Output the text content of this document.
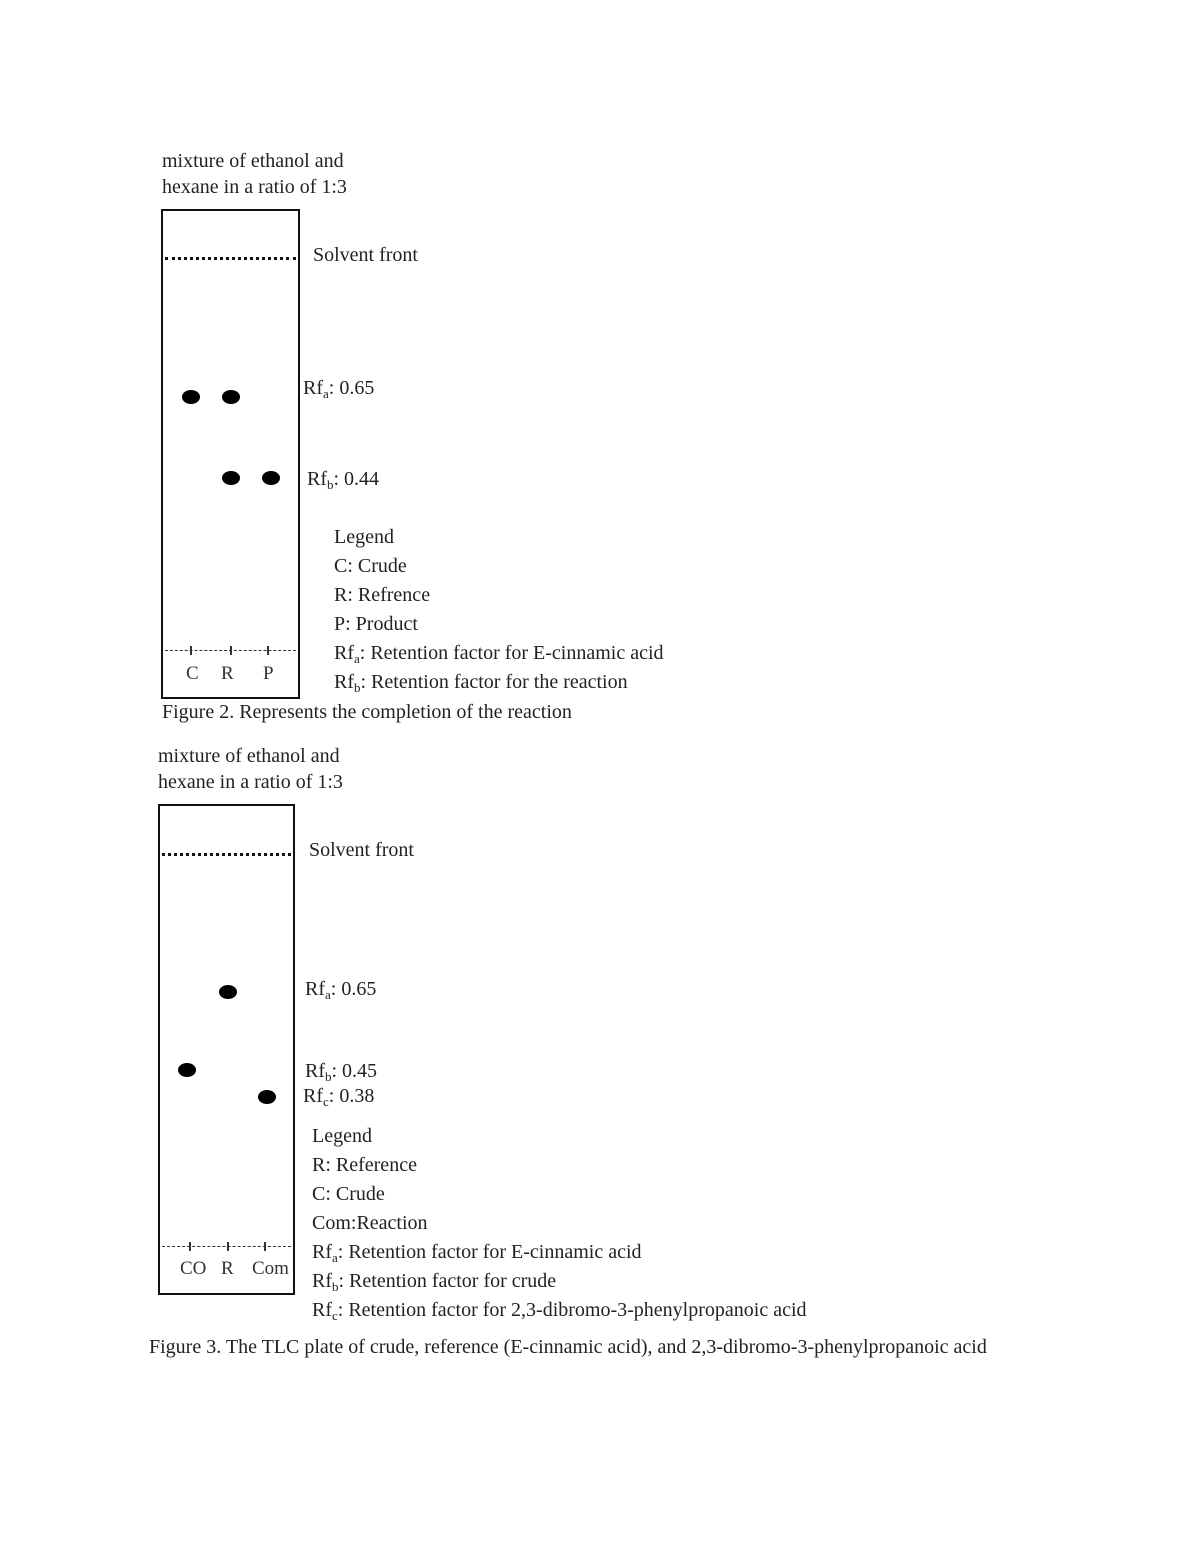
mixture of ethanol and
hexane in a ratio of 1:3
C R P
Solvent front
$Rf_a$: 0.65
$Rf_b$: 0.44
Legend
C: Crude
R: Refrence
P: Product
$Rf_a$: Retention factor for E-cinnamic acid
$Rf_b$: Retention factor for the reaction
Figure 2. Represents the completion of the reaction
mixture of ethanol and
hexane in a ratio of 1:3
CO R Com
Solvent front
$Rf_a$: 0.65
$Rf_b$: 0.45
$Rf_c$: 0.38
Legend
R: Reference
C: Crude
Com:Reaction
$Rf_a$: Retention factor for E-cinnamic acid
$Rf_b$: Retention factor for crude
$Rf_c$: Retention factor for 2,3-dibromo-3-phenylpropanoic acid
Figure 3. The TLC plate of crude, reference (E-cinnamic acid), and 2,3-dibromo-3-phenylpropanoic acid
